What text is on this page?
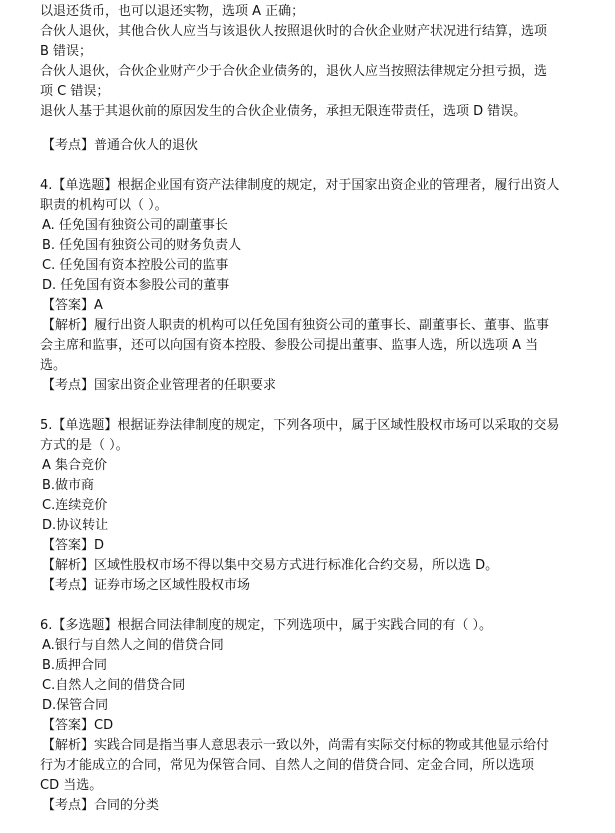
以退还货币，也可以退还实物，选项 A 正确；
合伙人退伙，其他合伙人应当与该退伙人按照退伙时的合伙企业财产状况进行结算，选项
B 错误；
合伙人退伙，合伙企业财产少于合伙企业债务的，退伙人应当按照法律规定分担亏损，选
项 C 错误；
退伙人基于其退伙前的原因发生的合伙企业债务，承担无限连带责任，选项 D 错误。
【考点】普通合伙人的退伙
4.【单选题】根据企业国有资产法律制度的规定，对于国家出资企业的管理者，履行出资人
职责的机构可以（ ）。
A. 任免国有独资公司的副董事长
B. 任免国有独资公司的财务负责人
C. 任免国有资本控股公司的监事
D. 任免国有资本参股公司的董事
【答案】A
【解析】履行出资人职责的机构可以任免国有独资公司的董事长、副董事长、董事、监事
会主席和监事，还可以向国有资本控股、参股公司提出董事、监事人选，所以选项 A 当
选。
【考点】国家出资企业管理者的任职要求
5.【单选题】根据证券法律制度的规定，下列各项中，属于区域性股权市场可以采取的交易
方式的是（ ）。
A 集合竞价
B.做市商
C.连续竞价
D.协议转让
【答案】D
【解析】区域性股权市场不得以集中交易方式进行标准化合约交易，所以选 D。
【考点】证券市场之区域性股权市场
6.【多选题】根据合同法律制度的规定，下列选项中，属于实践合同的有（ ）。
A.银行与自然人之间的借贷合同
B.质押合同
C.自然人之间的借贷合同
D.保管合同
【答案】CD
【解析】实践合同是指当事人意思表示一致以外，尚需有实际交付标的物或其他显示给付
行为才能成立的合同，常见为保管合同、自然人之间的借贷合同、定金合同，所以选项
CD 当选。
【考点】合同的分类
